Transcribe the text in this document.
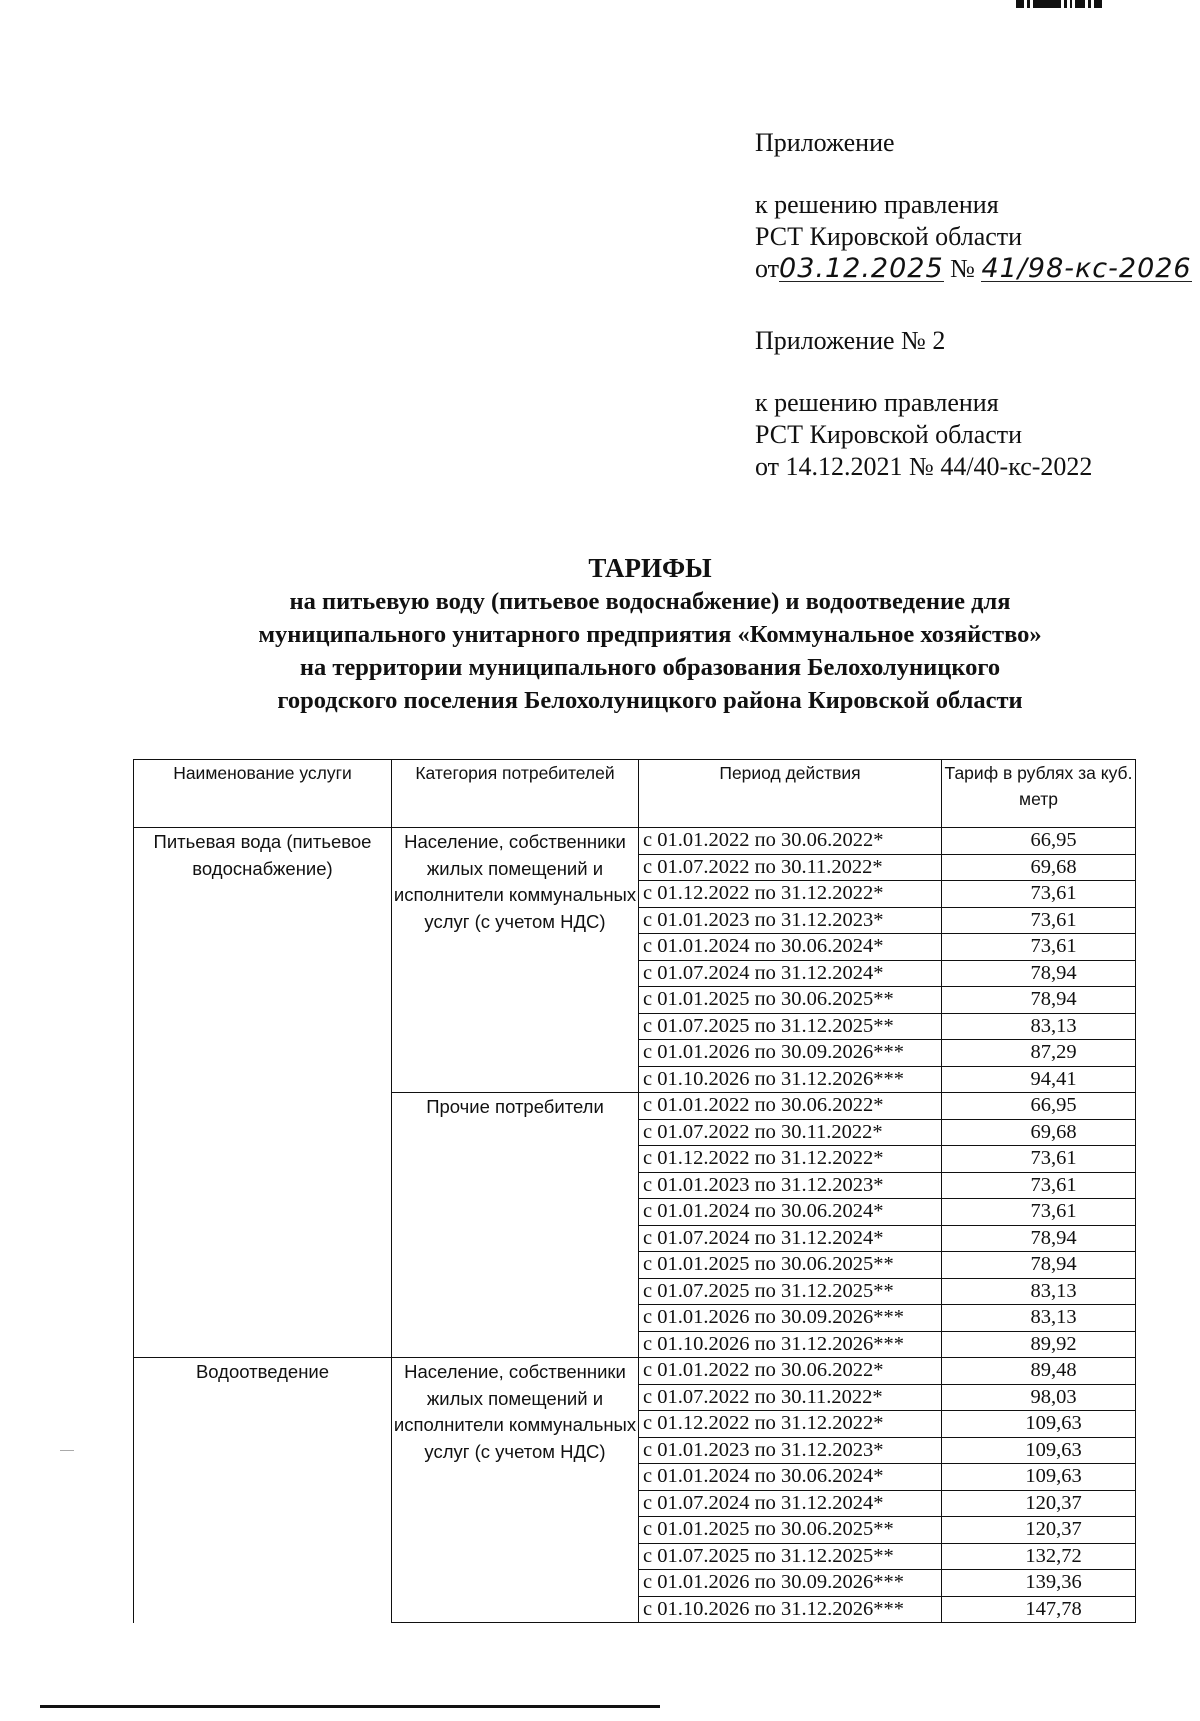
Приложение
к решению правления
РСТ Кировской области
от03.12.2025 № 41/98-кс-2026
Приложение № 2
к решению правления
РСТ Кировской области
от 14.12.2021 № 44/40-кс-2022
ТАРИФЫ
на питьевую воду (питьевое водоснабжение) и водоотведение для
муниципального унитарного предприятия «Коммунальное хозяйство»
на территории муниципального образования Белохолуницкого
городского поселения Белохолуницкого района Кировской области
Наименование услуги	Категория потребителей	Период действия	Тариф в рублях за куб. метр
Питьевая вода (питьевое водоснабжение)	Население, собственники жилых помещений и исполнители коммунальных услуг (с учетом НДС)	с 01.01.2022 по 30.06.2022*	66,95
		с 01.07.2022 по 30.11.2022*	69,68
		с 01.12.2022 по 31.12.2022*	73,61
		с 01.01.2023 по 31.12.2023*	73,61
		с 01.01.2024 по 30.06.2024*	73,61
		с 01.07.2024 по 31.12.2024*	78,94
		с 01.01.2025 по 30.06.2025**	78,94
		с 01.07.2025 по 31.12.2025**	83,13
		с 01.01.2026 по 30.09.2026***	87,29
		с 01.10.2026 по 31.12.2026***	94,41
	Прочие потребители	с 01.01.2022 по 30.06.2022*	66,95
		с 01.07.2022 по 30.11.2022*	69,68
		с 01.12.2022 по 31.12.2022*	73,61
		с 01.01.2023 по 31.12.2023*	73,61
		с 01.01.2024 по 30.06.2024*	73,61
		с 01.07.2024 по 31.12.2024*	78,94
		с 01.01.2025 по 30.06.2025**	78,94
		с 01.07.2025 по 31.12.2025**	83,13
		с 01.01.2026 по 30.09.2026***	83,13
		с 01.10.2026 по 31.12.2026***	89,92
Водоотведение	Население, собственники жилых помещений и исполнители коммунальных услуг (с учетом НДС)	с 01.01.2022 по 30.06.2022*	89,48
		с 01.07.2022 по 30.11.2022*	98,03
		с 01.12.2022 по 31.12.2022*	109,63
		с 01.01.2023 по 31.12.2023*	109,63
		с 01.01.2024 по 30.06.2024*	109,63
		с 01.07.2024 по 31.12.2024*	120,37
		с 01.01.2025 по 30.06.2025**	120,37
		с 01.07.2025 по 31.12.2025**	132,72
		с 01.01.2026 по 30.09.2026***	139,36
		с 01.10.2026 по 31.12.2026***	147,78
